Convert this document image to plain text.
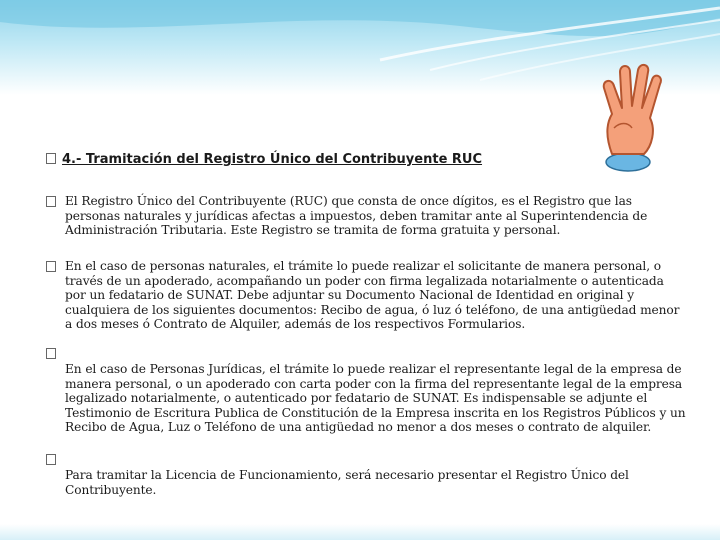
4.- Tramitación del Registro Único del Contribuyente RUC
El Registro Único del Contribuyente (RUC) que consta de once dígitos, es el Registro que las personas naturales y jurídicas afectas a impuestos, deben tramitar ante al Superintendencia de Administración Tributaria. Este Registro se tramita de forma gratuita y personal.
En el caso de personas naturales, el trámite lo puede realizar el solicitante de manera personal, o través de un apoderado, acompañando un poder con firma legalizada notarialmente o autenticada por un fedatario de SUNAT. Debe adjuntar su Documento Nacional de Identidad en original y cualquiera de los siguientes documentos: Recibo de agua, ó luz ó teléfono, de una antigüedad menor a dos meses ó Contrato de Alquiler, además de los respectivos Formularios.
En el caso de Personas Jurídicas, el trámite lo puede realizar el representante legal de la empresa de manera personal, o un apoderado con carta poder con la firma del representante legal de la empresa legalizado notarialmente, o autenticado por fedatario de SUNAT. Es indispensable se adjunte el Testimonio de Escritura Publica de Constitución de la Empresa inscrita en los Registros Públicos y un Recibo de Agua, Luz o Teléfono de una antigüedad no menor a dos meses o contrato de alquiler.
Para tramitar la Licencia de Funcionamiento, será necesario presentar el Registro Único del Contribuyente.
